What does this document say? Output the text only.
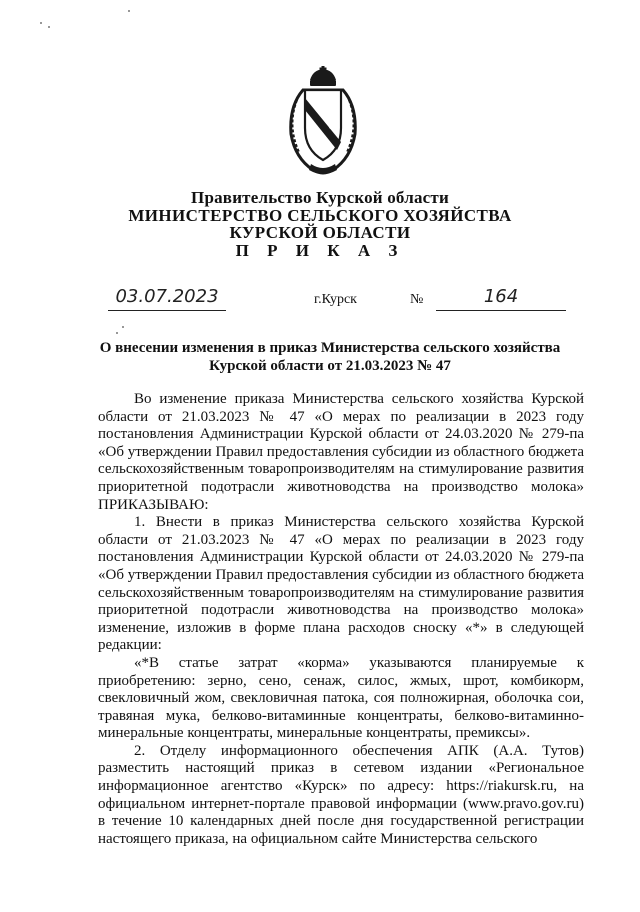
Правительство Курской области
МИНИСТЕРСТВО СЕЛЬСКОГО ХОЗЯЙСТВА
КУРСКОЙ ОБЛАСТИ
П Р И К А З
03.07.2023	г.Курск	№	164
О внесении изменения в приказ Министерства сельского хозяйства Курской области от 21.03.2023 № 47

Во изменение приказа Министерства сельского хозяйства Курской области от 21.03.2023 № 47 «О мерах по реализации в 2023 году постановления Администрации Курской области от 24.03.2020 № 279-па «Об утверждении Правил предоставления субсидии из областного бюджета сельскохозяйственным товаропроизводителям на стимулирование развития приоритетной подотрасли животноводства на производство молока» ПРИКАЗЫВАЮ:

1. Внести в приказ Министерства сельского хозяйства Курской области от 21.03.2023 № 47 «О мерах по реализации в 2023 году постановления Администрации Курской области от 24.03.2020 № 279-па «Об утверждении Правил предоставления субсидии из областного бюджета сельскохозяйственным товаропроизводителям на стимулирование развития приоритетной подотрасли животноводства на производство молока» изменение, изложив в форме плана расходов сноску «*» в следующей редакции:

«*В статье затрат «корма» указываются планируемые к приобретению: зерно, сено, сенаж, силос, жмых, шрот, комбикорм, свекловичный жом, свекловичная патока, соя полножирная, оболочка сои, травяная мука, белково-витаминные концентраты, белково-витаминно-минеральные концентраты, минеральные концентраты, премиксы».

2. Отделу информационного обеспечения АПК (А.А. Тутов) разместить настоящий приказ в сетевом издании «Региональное информационное агентство «Курск» по адресу: https://riakursk.ru, на официальном интернет-портале правовой информации (www.pravo.gov.ru) в течение 10 календарных дней после дня государственной регистрации настоящего приказа, на официальном сайте Министерства сельского
